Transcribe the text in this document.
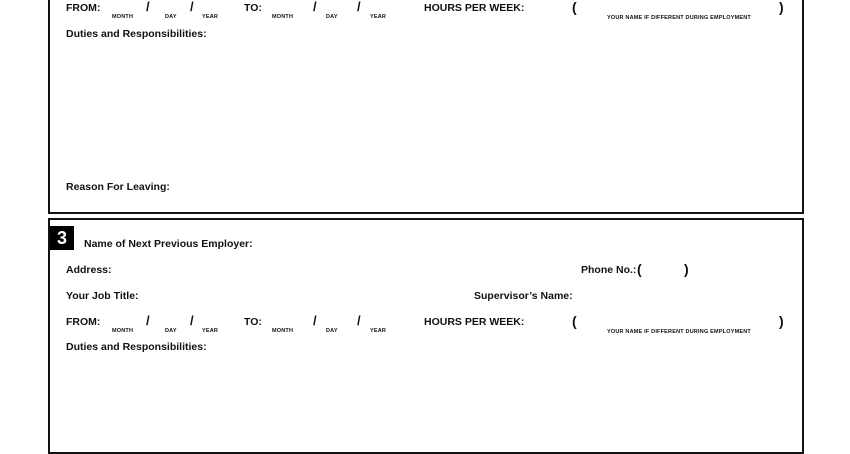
FROM:	/	/
MONTH	DAY	YEAR
TO:	/	/
MONTH	DAY	YEAR
HOURS PER WEEK:	(	)
YOUR NAME IF DIFFERENT DURING EMPLOYMENT
Duties and Responsibilities:
Reason For Leaving:
3	Name of Next Previous Employer:
Address:	Phone No.: (	)
Your Job Title:	Supervisor’s Name:
FROM:	/	/
MONTH	DAY	YEAR
TO:	/	/
MONTH	DAY	YEAR
HOURS PER WEEK:	(	)
YOUR NAME IF DIFFERENT DURING EMPLOYMENT
Duties and Responsibilities:
